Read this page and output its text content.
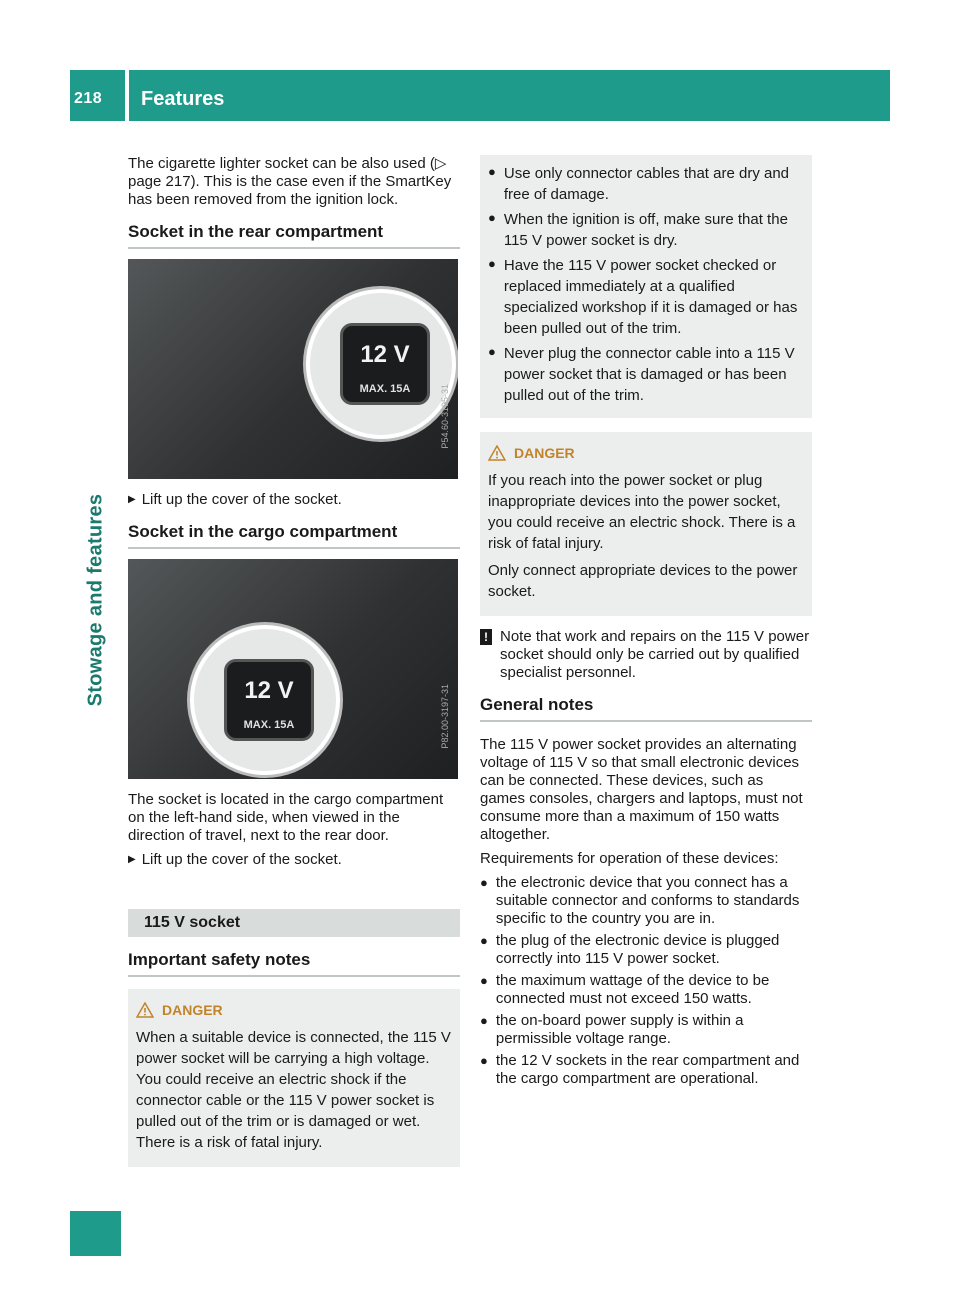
218 Features
Stowage and features

The cigarette lighter socket can be also used (▷ page 217). This is the case even if the SmartKey has been removed from the ignition lock.

Socket in the rear compartment
12 V
MAX. 15A	P54.60-3195-31
▶ Lift up the cover of the socket.
Socket in the cargo compartment
12 V
MAX. 15A	P82.00-3197-31

The socket is located in the cargo compartment on the left-hand side, when viewed in the direction of travel, next to the rear door.

▶ Lift up the cover of the socket.
115 V socket
Important safety notes
DANGER

When a suitable device is connected, the 115 V power socket will be carrying a high voltage. You could receive an electric shock if the connector cable or the 115 V power socket is pulled out of the trim or is damaged or wet. There is a risk of fatal injury.

● Use only connector cables that are dry and free of damage.
● When the ignition is off, make sure that the 115 V power socket is dry.
● Have the 115 V power socket checked or replaced immediately at a qualified specialized workshop if it is damaged or has been pulled out of the trim.
● Never plug the connector cable into a 115 V power socket that is damaged or has been pulled out of the trim.
DANGER

If you reach into the power socket or plug inappropriate devices into the power socket, you could receive an electric shock. There is a risk of fatal injury.

Only connect appropriate devices to the power socket.

! Note that work and repairs on the 115 V power socket should only be carried out by qualified specialist personnel.
General notes

The 115 V power socket provides an alternating voltage of 115 V so that small electronic devices can be connected. These devices, such as games consoles, chargers and laptops, must not consume more than a maximum of 150 watts altogether.

Requirements for operation of these devices:

● the electronic device that you connect has a suitable connector and conforms to standards specific to the country you are in.
● the plug of the electronic device is plugged correctly into 115 V power socket.
● the maximum wattage of the device to be connected must not exceed 150 watts.
● the on-board power supply is within a permissible voltage range.
● the 12 V sockets in the rear compartment and the cargo compartment are operational.
